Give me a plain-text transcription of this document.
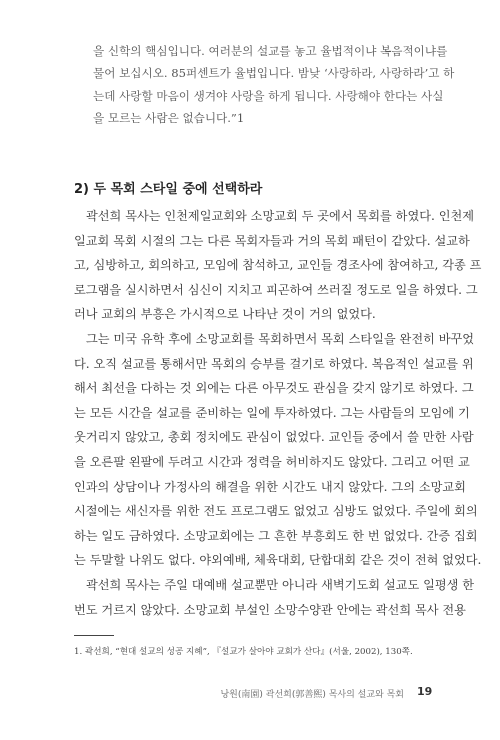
을 신학의 핵심입니다. 여러분의 설교를 놓고 율법적이냐 복음적이냐를
물어 보십시오. 85퍼센트가 율법입니다. 밤낮 ‘사랑하라, 사랑하라’고 하
는데 사랑할 마음이 생겨야 사랑을 하게 됩니다. 사랑해야 한다는 사실
을 모르는 사람은 없습니다.”1
2) 두 목회 스타일 중에 선택하라
곽선희 목사는 인천제일교회와 소망교회 두 곳에서 목회를 하였다. 인천제
일교회 목회 시절의 그는 다른 목회자들과 거의 목회 패턴이 같았다. 설교하
고, 심방하고, 회의하고, 모임에 참석하고, 교인들 경조사에 참여하고, 각종 프
로그램을 실시하면서 심신이 지치고 피곤하여 쓰러질 정도로 일을 하였다. 그
러나 교회의 부흥은 가시적으로 나타난 것이 거의 없었다.
그는 미국 유학 후에 소망교회를 목회하면서 목회 스타일을 완전히 바꾸었
다. 오직 설교를 통해서만 목회의 승부를 걸기로 하였다. 복음적인 설교를 위
해서 최선을 다하는 것 외에는 다른 아무것도 관심을 갖지 않기로 하였다. 그
는 모든 시간을 설교를 준비하는 일에 투자하였다. 그는 사람들의 모임에 기
웃거리지 않았고, 총회 정치에도 관심이 없었다. 교인들 중에서 쓸 만한 사람
을 오른팔 왼팔에 두려고 시간과 정력을 허비하지도 않았다. 그리고 어떤 교
인과의 상담이나 가정사의 해결을 위한 시간도 내지 않았다. 그의 소망교회
시절에는 새신자를 위한 전도 프로그램도 없었고 심방도 없었다. 주일에 회의
하는 일도 금하였다. 소망교회에는 그 흔한 부흥회도 한 번 없었다. 간증 집회
는 두말할 나위도 없다. 야외예배, 체육대회, 단합대회 같은 것이 전혀 없었다.
곽선희 목사는 주일 대예배 설교뿐만 아니라 새벽기도회 설교도 일평생 한
번도 거르지 않았다. 소망교회 부설인 소망수양관 안에는 곽선희 목사 전용
1. 곽선희, “현대 설교의 성공 지혜”, 『설교가 살아야 교회가 산다』(서울, 2002), 130쪽.
낭원(南園) 곽선희(郭善熙) 목사의 설교와 목회 19
